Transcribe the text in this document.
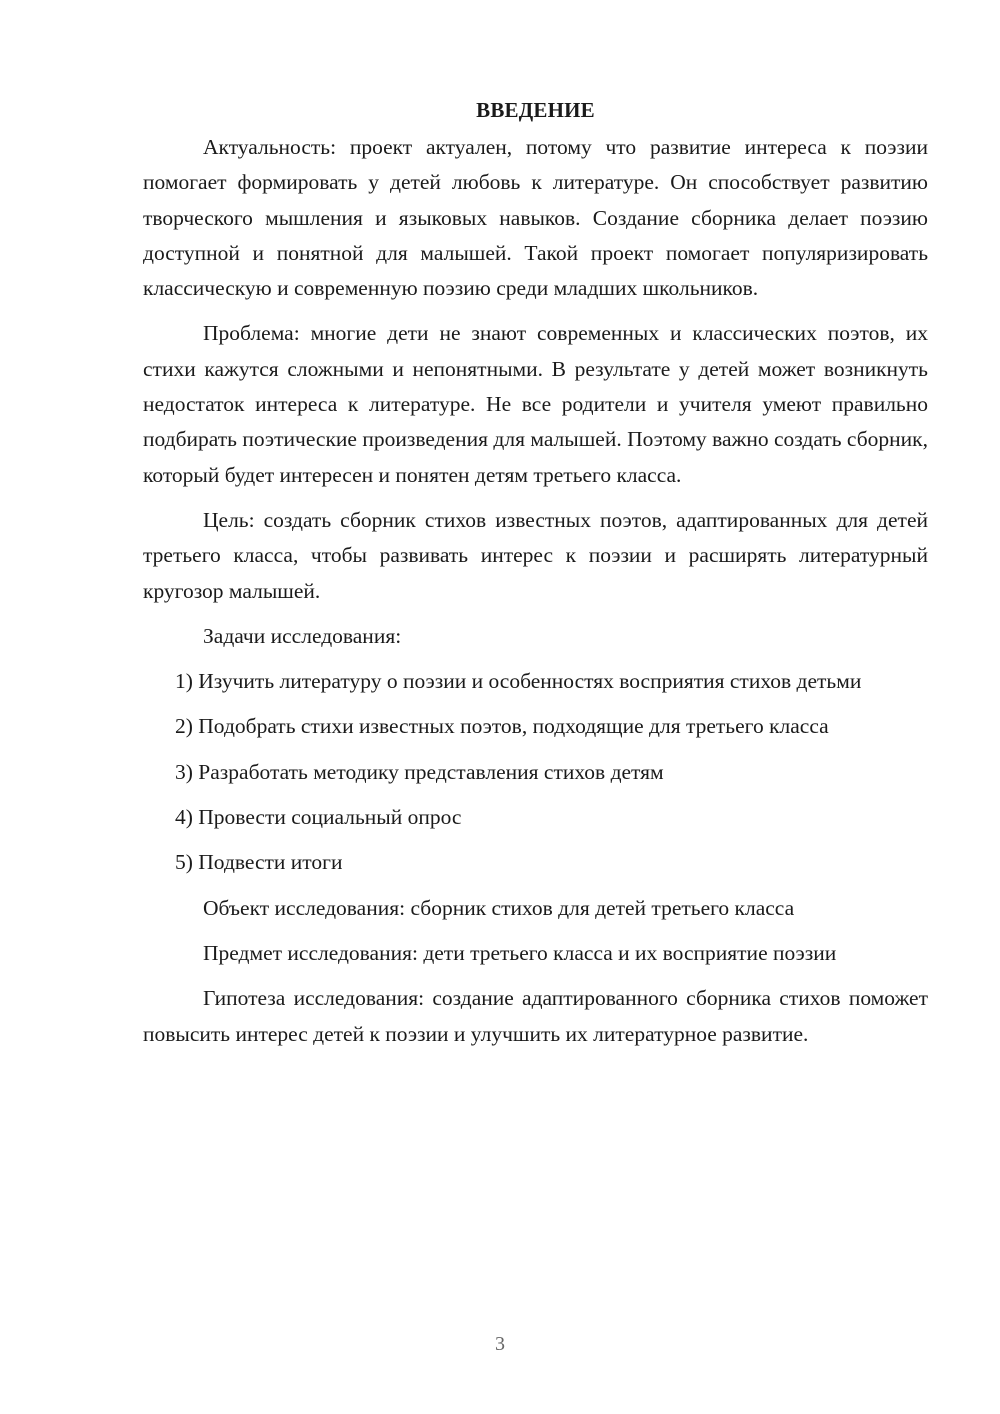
ВВЕДЕНИЕ

Актуальность: проект актуален, потому что развитие интереса к поэзии помогает формировать у детей любовь к литературе. Он способствует развитию творческого мышления и языковых навыков. Создание сборника делает поэзию доступной и понятной для малышей. Такой проект помогает популяризировать классическую и современную поэзию среди младших школьников.

Проблема: многие дети не знают современных и классических поэтов, их стихи кажутся сложными и непонятными. В результате у детей может возникнуть недостаток интереса к литературе. Не все родители и учителя умеют правильно подбирать поэтические произведения для малышей. Поэтому важно создать сборник, который будет интересен и понятен детям третьего класса.

Цель: создать сборник стихов известных поэтов, адаптированных для детей третьего класса, чтобы развивать интерес к поэзии и расширять литературный кругозор малышей.

Задачи исследования:

1) Изучить литературу о поэзии и особенностях восприятия стихов детьми

2) Подобрать стихи известных поэтов, подходящие для третьего класса

3) Разработать методику представления стихов детям

4) Провести социальный опрос

5) Подвести итоги

Объект исследования: сборник стихов для детей третьего класса

Предмет исследования: дети третьего класса и их восприятие поэзии

Гипотеза исследования: создание адаптированного сборника стихов поможет повысить интерес детей к поэзии и улучшить их литературное развитие.

3
